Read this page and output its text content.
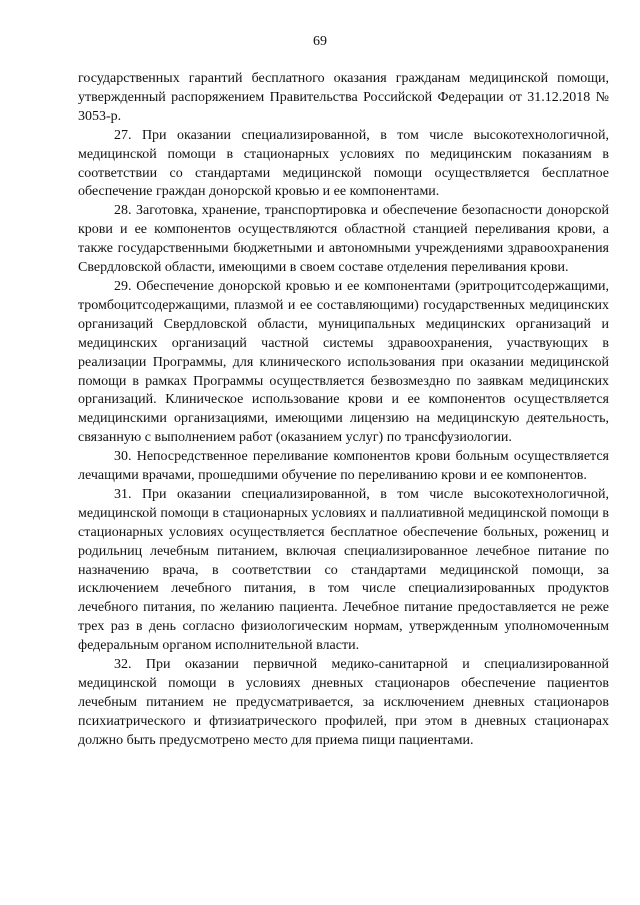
69

государственных гарантий бесплатного оказания гражданам медицинской помощи, утвержденный распоряжением Правительства Российской Федерации от 31.12.2018 № 3053-р.

27. При оказании специализированной, в том числе высокотехнологичной, медицинской помощи в стационарных условиях по медицинским показаниям в соответствии со стандартами медицинской помощи осуществляется бесплатное обеспечение граждан донорской кровью и ее компонентами.

28. Заготовка, хранение, транспортировка и обеспечение безопасности донорской крови и ее компонентов осуществляются областной станцией переливания крови, а также государственными бюджетными и автономными учреждениями здравоохранения Свердловской области, имеющими в своем составе отделения переливания крови.

29. Обеспечение донорской кровью и ее компонентами (эритроцитсодержащими, тромбоцитсодержащими, плазмой и ее составляющими) государственных медицинских организаций Свердловской области, муниципальных медицинских организаций и медицинских организаций частной системы здравоохранения, участвующих в реализации Программы, для клинического использования при оказании медицинской помощи в рамках Программы осуществляется безвозмездно по заявкам медицинских организаций. Клиническое использование крови и ее компонентов осуществляется медицинскими организациями, имеющими лицензию на медицинскую деятельность, связанную с выполнением работ (оказанием услуг) по трансфузиологии.

30. Непосредственное переливание компонентов крови больным осуществляется лечащими врачами, прошедшими обучение по переливанию крови и ее компонентов.

31. При оказании специализированной, в том числе высокотехнологичной, медицинской помощи в стационарных условиях и паллиативной медицинской помощи в стационарных условиях осуществляется бесплатное обеспечение больных, рожениц и родильниц лечебным питанием, включая специализированное лечебное питание по назначению врача, в соответствии со стандартами медицинской помощи, за исключением лечебного питания, в том числе специализированных продуктов лечебного питания, по желанию пациента. Лечебное питание предоставляется не реже трех раз в день согласно физиологическим нормам, утвержденным уполномоченным федеральным органом исполнительной власти.

32. При оказании первичной медико-санитарной и специализированной медицинской помощи в условиях дневных стационаров обеспечение пациентов лечебным питанием не предусматривается, за исключением дневных стационаров психиатрического и фтизиатрического профилей, при этом в дневных стационарах должно быть предусмотрено место для приема пищи пациентами.
